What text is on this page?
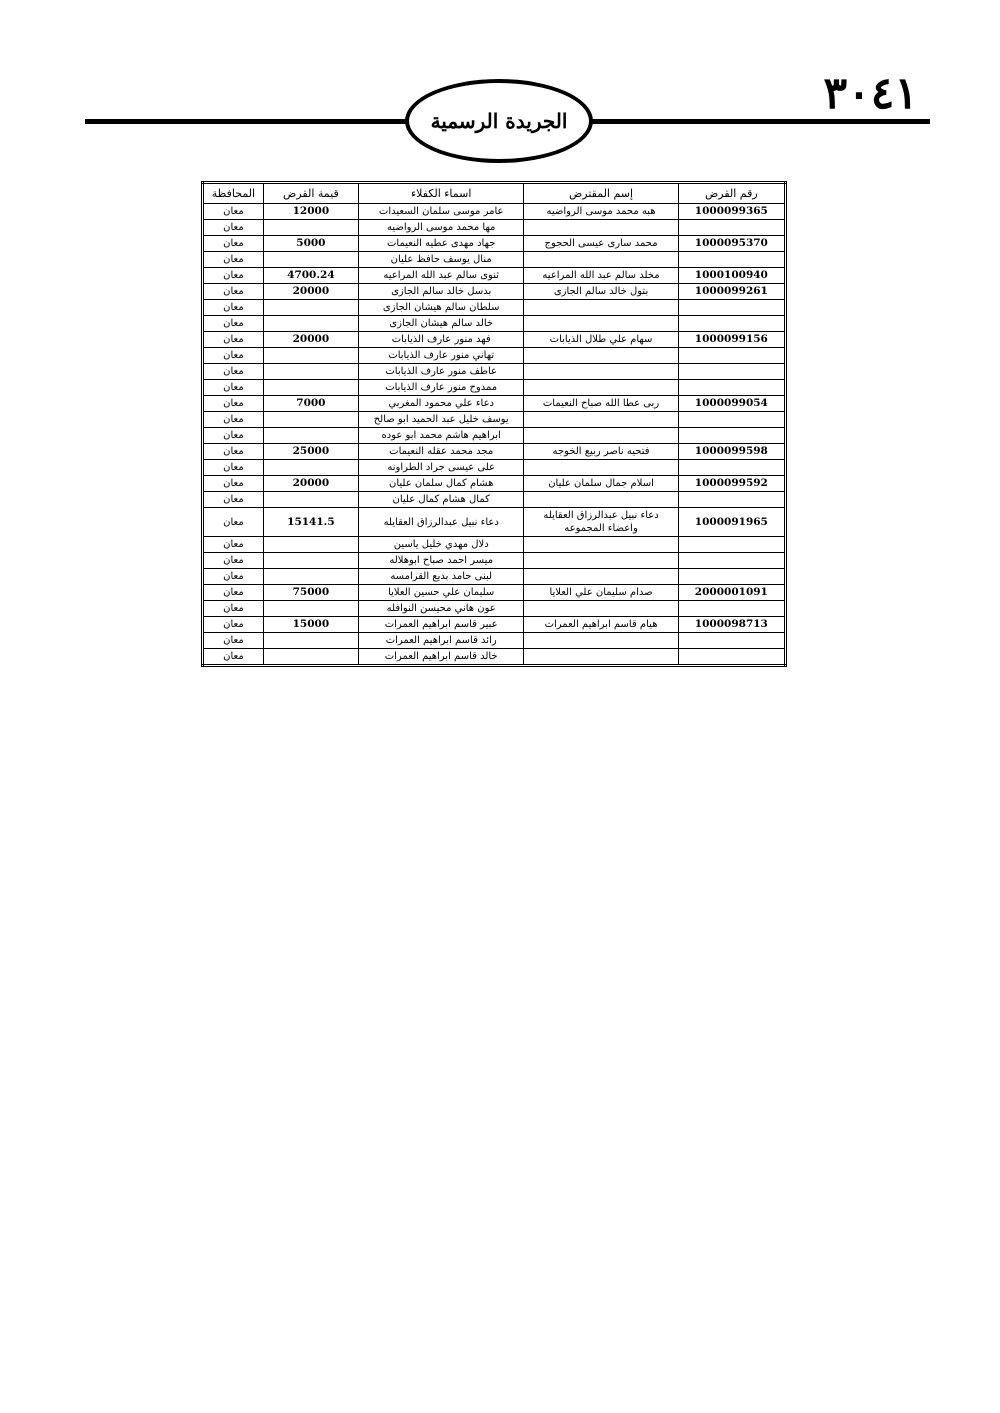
٣٠٤١
الجريدة الرسمية
رقم القرض	إسم المقترض	اسماء الكفلاء	قيمة القرض	المحافظة
1000099365	هبه محمد موسى الرواضيه	عامر موسى سلمان السعيدات	12000	معان
		مها محمد موسى الرواضيه		معان
1000095370	محمد سارى عيسى الحجوج	جهاد مهدى عطيه النعيمات	5000	معان
		منال يوسف حافظ عليان		معان
1000100940	مخلد سالم عبد الله المراعيه	ثنوى سالم عبد الله المراعيه	4700.24	معان
1000099261	بتول خالد سالم الجازى	بدسل خالد سالم الجازى	20000	معان
		سلطان سالم هيشان الجازى		معان
		خالد سالم هيشان الجازى		معان
1000099156	سهام علي طلال الذيابات	فهد منور عارف الذيابات	20000	معان
		تهاني منور عارف الذيابات		معان
		عاطف منور عارف الذيابات		معان
		ممدوح منور عارف الذيابات		معان
1000099054	ربى عطا الله صباح النعيمات	دعاء علي محمود المغربي	7000	معان
		يوسف خليل عبد الحميد ابو صالح		معان
		ابراهيم هاشم محمد ابو عوده		معان
1000099598	فتحيه ناصر ربيع الخوجه	مجد محمد عقله النعيمات	25000	معان
		على عيسى جراد الطراونه		معان
1000099592	اسلام جمال سلمان عليان	هشام كمال سلمان عليان	20000	معان
		كمال هشام كمال عليان		معان
1000091965	دعاء نبيل عبدالرزاق العقايله واعضاء المجموعه	دعاء نبيل عبدالرزاق العقايله	15141.5	معان
		دلال مهدي خليل ياسين		معان
		ميسر احمد صباح ابوهلاله		معان
		لبنى حامد بديع القرامسه		معان
2000001091	صدام سليمان علي العلايا	سليمان علي حسين العلايا	75000	معان
		عون هاني محيسن النوافله		معان
1000098713	هيام قاسم ابراهيم العمرات	عبير قاسم ابراهيم العمرات	15000	معان
		رائد قاسم ابراهيم العمرات		معان
		خالد قاسم ابراهيم العمرات		معان
